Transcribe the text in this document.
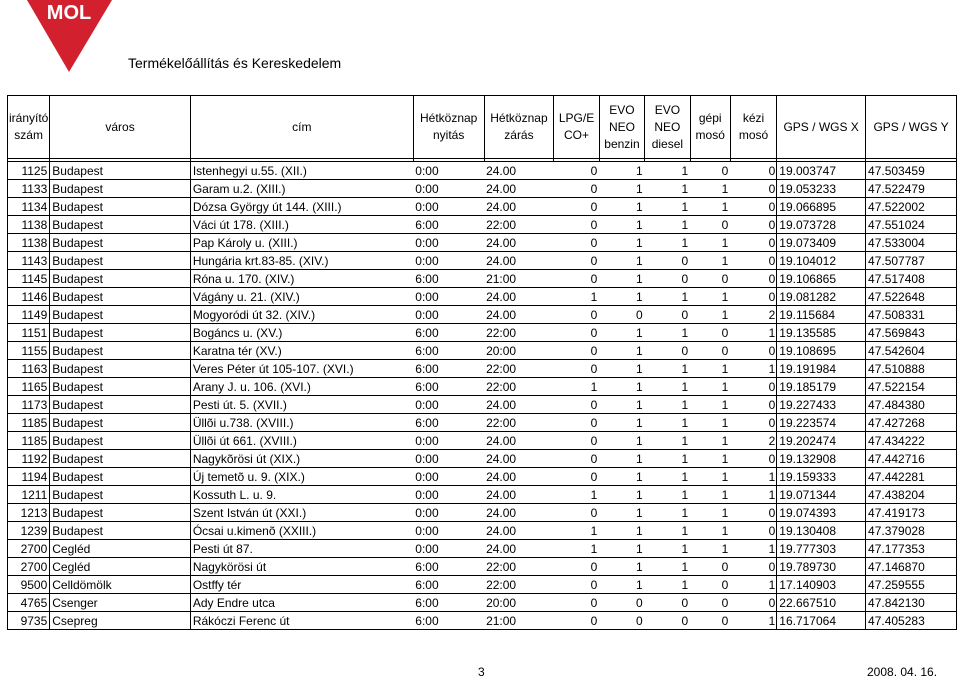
MOL
Termékelőállítás és Kereskedelem
irányító szám	város	cím	Hétköznap nyitás	Hétköznap zárás	LPG/E CO+	EVO NEO benzin	EVO NEO diesel	gépi mosó	kézi mosó	GPS / WGS X	GPS / WGS Y

1125	Budapest	Istenhegyi u.55. (XII.)	0:00	24.00	0	1	1	0	0	19.003747	47.503459
1133	Budapest	Garam u.2. (XIII.)	0:00	24.00	0	1	1	1	0	19.053233	47.522479
1134	Budapest	Dózsa György út 144. (XIII.)	0:00	24.00	0	1	1	1	0	19.066895	47.522002
1138	Budapest	Váci út 178. (XIII.)	6:00	22:00	0	1	1	0	0	19.073728	47.551024
1138	Budapest	Pap Károly u. (XIII.)	0:00	24.00	0	1	1	1	0	19.073409	47.533004
1143	Budapest	Hungária krt.83-85. (XIV.)	0:00	24.00	0	1	0	1	0	19.104012	47.507787
1145	Budapest	Róna u. 170. (XIV.)	6:00	21:00	0	1	0	0	0	19.106865	47.517408
1146	Budapest	Vágány u. 21. (XIV.)	0:00	24.00	1	1	1	1	0	19.081282	47.522648
1149	Budapest	Mogyoródi út 32. (XIV.)	0:00	24.00	0	0	0	1	2	19.115684	47.508331
1151	Budapest	Bogáncs u. (XV.)	6:00	22:00	0	1	1	0	1	19.135585	47.569843
1155	Budapest	Karatna tér (XV.)	6:00	20:00	0	1	0	0	0	19.108695	47.542604
1163	Budapest	Veres Péter út 105-107. (XVI.)	6:00	22:00	0	1	1	1	1	19.191984	47.510888
1165	Budapest	Arany J. u. 106. (XVI.)	6:00	22:00	1	1	1	1	0	19.185179	47.522154
1173	Budapest	Pesti út. 5. (XVII.)	0:00	24.00	0	1	1	1	0	19.227433	47.484380
1185	Budapest	Üllõi u.738. (XVIII.)	6:00	22:00	0	1	1	1	0	19.223574	47.427268
1185	Budapest	Üllõi út 661. (XVIII.)	0:00	24.00	0	1	1	1	2	19.202474	47.434222
1192	Budapest	Nagykõrösi út (XIX.)	0:00	24.00	0	1	1	1	0	19.132908	47.442716
1194	Budapest	Új temetõ u. 9. (XIX.)	0:00	24.00	0	1	1	1	1	19.159333	47.442281
1211	Budapest	Kossuth L. u. 9.	0:00	24.00	1	1	1	1	1	19.071344	47.438204
1213	Budapest	Szent István út (XXI.)	0:00	24.00	0	1	1	1	0	19.074393	47.419173
1239	Budapest	Ócsai u.kimenõ (XXIII.)	0:00	24.00	1	1	1	1	0	19.130408	47.379028
2700	Cegléd	Pesti út 87.	0:00	24.00	1	1	1	1	1	19.777303	47.177353
2700	Cegléd	Nagykörösi út	6:00	22:00	0	1	1	0	0	19.789730	47.146870
9500	Celldömölk	Ostffy tér	6:00	22:00	0	1	1	0	1	17.140903	47.259555
4765	Csenger	Ady Endre utca	6:00	20:00	0	0	0	0	0	22.667510	47.842130
9735	Csepreg	Rákóczi Ferenc út	6:00	21:00	0	0	0	0	1	16.717064	47.405283
3	2008. 04. 16.
